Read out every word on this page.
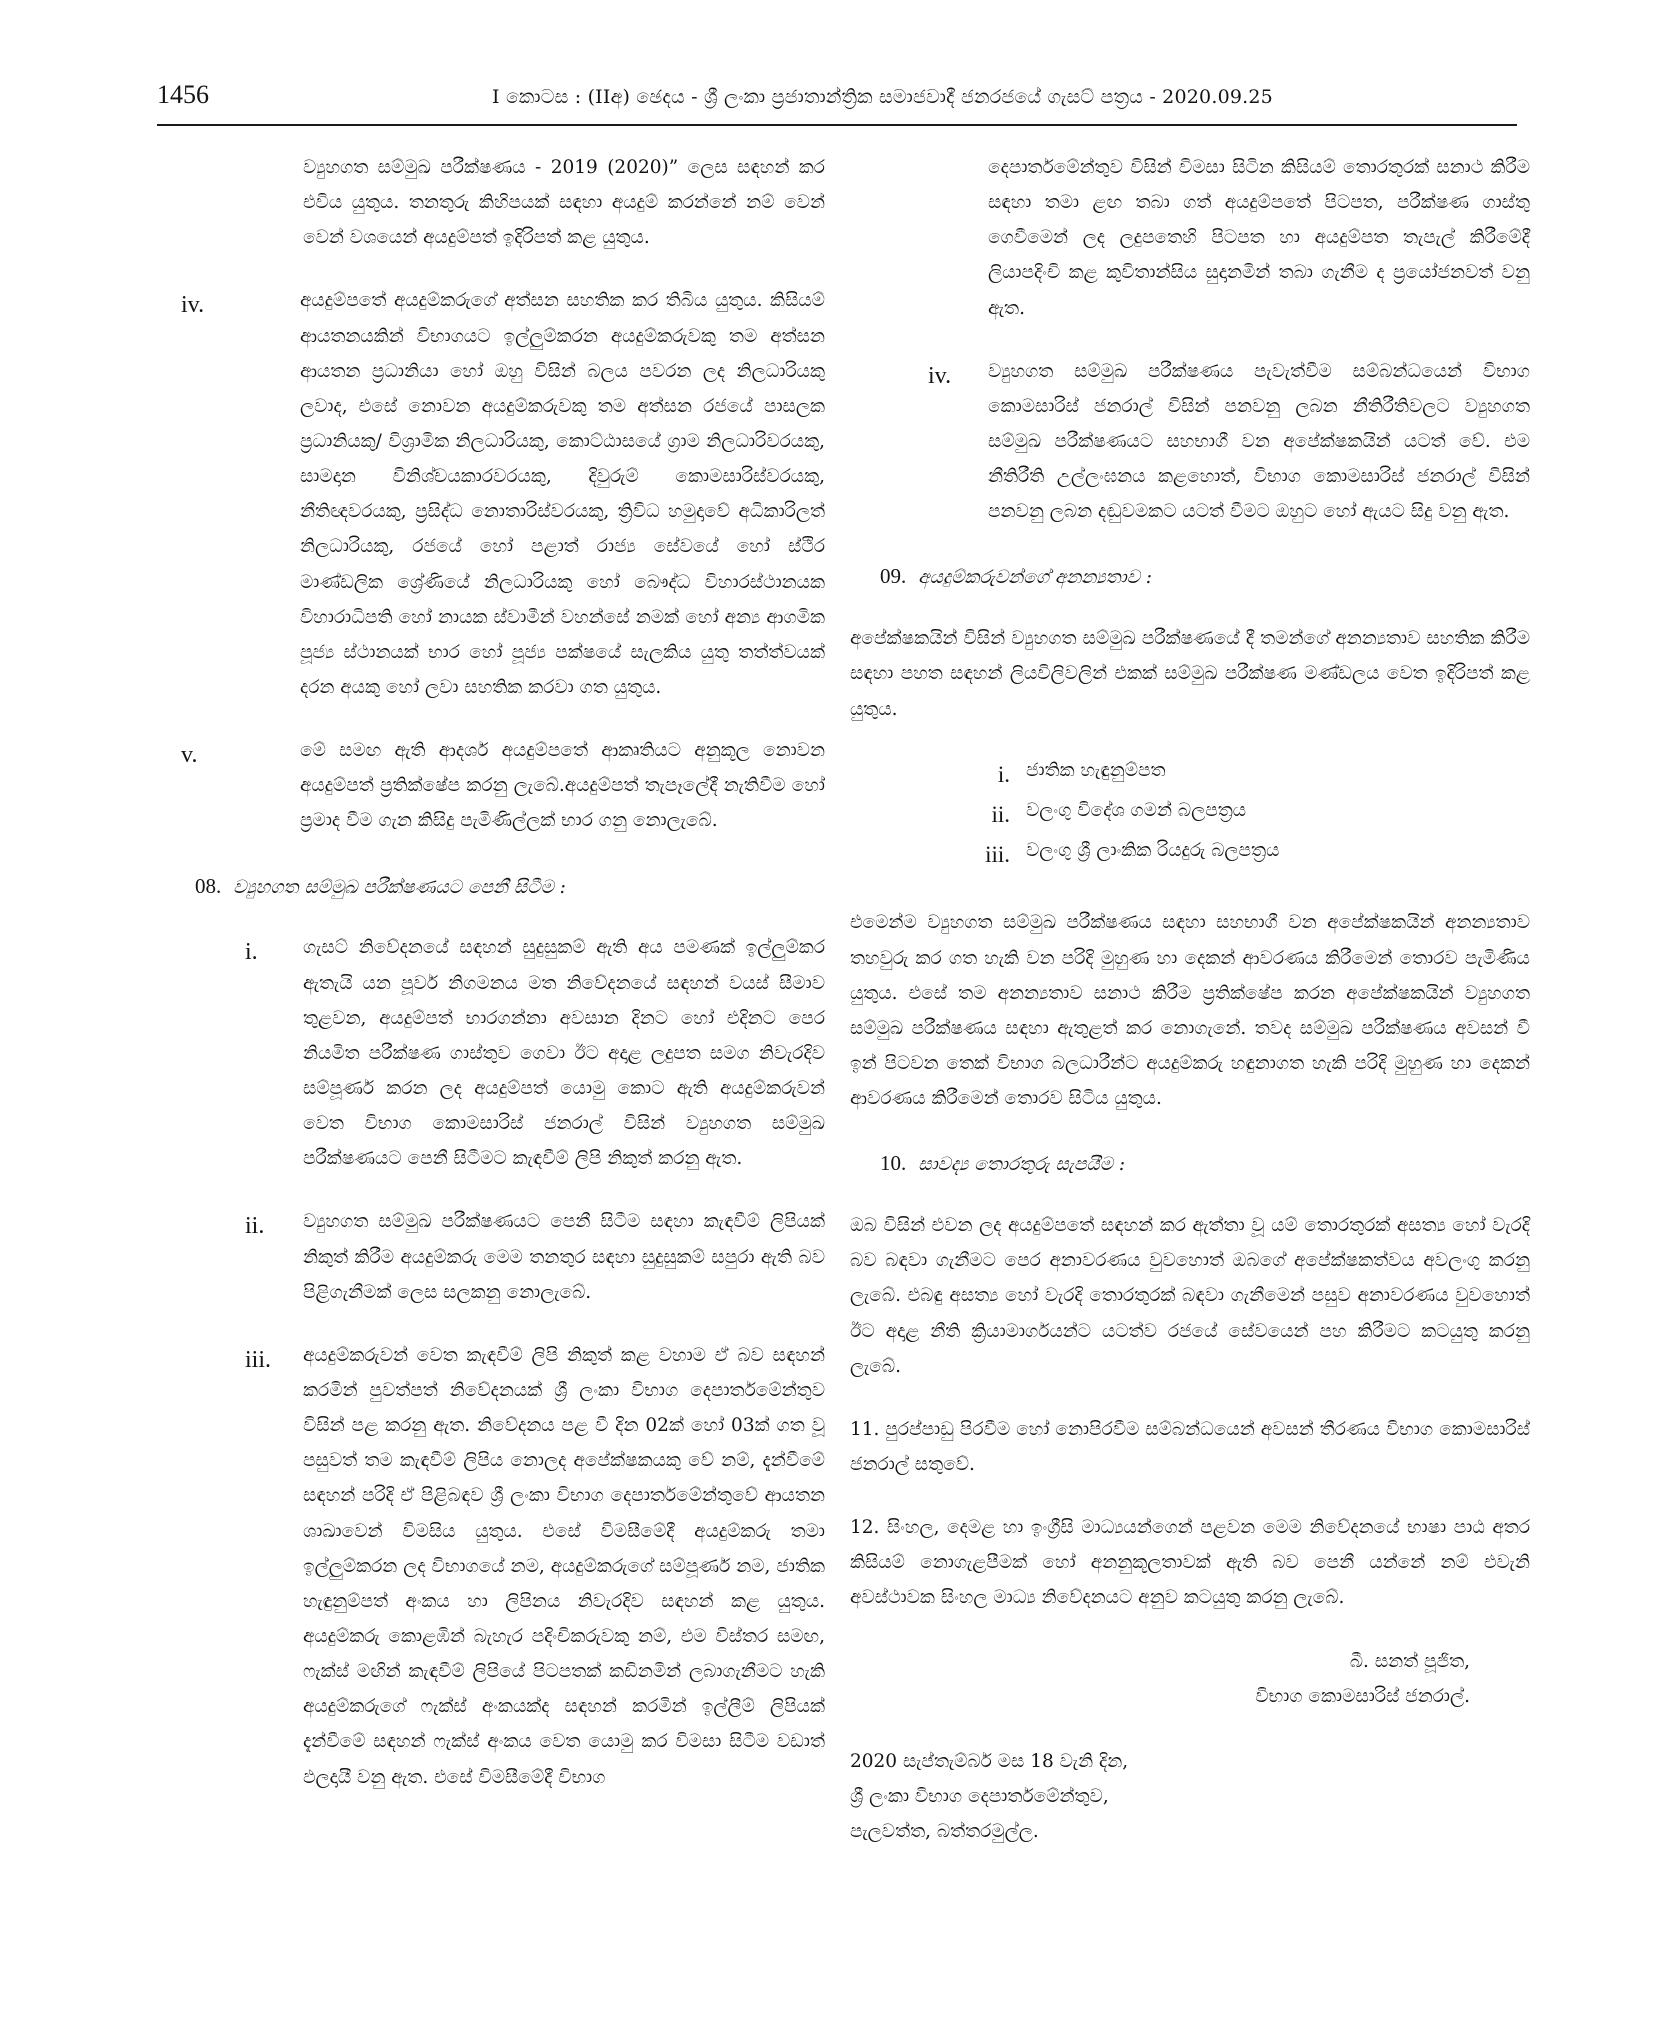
1456	I කොටස : (IIඅ) ඡෙදය - ශ්‍රී ලංකා ප්‍රජාතාන්ත්‍රික සමාජවාදී ජනරජයේ ගැසට් පත්‍රය - 2020.09.25

ව්‍යුහගත සම්මුඛ පරීක්ෂණය - 2019 (2020)” ලෙස සඳහන් කර එවිය යුතුය. තනතුරු කිහිපයක් සඳහා අයදුම් කරන්නේ නම් වෙන් වෙන් වශයෙන් අයදුම්පත් ඉදිරිපත් කළ යුතුය.

iv.	අයදුම්පතේ අයදුම්කරුගේ අත්සන සහතික කර තිබිය යුතුය. කිසියම් ආයතනයකින් විභාගයට ඉල්ලුම්කරන අයදුම්කරුවකු තම අත්සන ආයතන ප්‍රධානියා හෝ ඔහු විසින් බලය පවරන ලද නිලධාරියකු ලවාද, එසේ නොවන අයදුම්කරුවකු තම අත්සන රජයේ පාසලක ප්‍රධානියකු/ විශ්‍රාමික නිලධාරියකු, කොට්ඨාසයේ ග්‍රාම නිලධාරිවරයකු, සාමදාන විනිශ්චයකාරවරයකු, දිවුරුම් කොමසාරිස්වරයකු, නීතිඥවරයකු, ප්‍රසිද්ධ නොතාරිස්වරයකු, ත්‍රිවිධ හමුදාවේ අධිකාරිලත් නිලධාරියකු, රජයේ හෝ පළාත් රාජ්‍ය සේවයේ හෝ ස්ථිර මාණ්ඩලික ශ්‍රේණියේ නිලධාරියකු හෝ බෞද්ධ විහාරස්ථානයක විහාරාධිපති හෝ නායක ස්වාමීන් වහන්සේ නමක් හෝ අන්‍ය ආගමික පූජ්‍ය ස්ථානයක් භාර හෝ පූජ්‍ය පක්ෂයේ සැලකිය යුතු තත්ත්වයක් දරන අයකු හෝ ලවා සහතික කරවා ගත යුතුය.
v.	මේ සමඟ ඇති ආදර්ශ අයදුම්පතේ ආකෘතියට අනුකූල නොවන අයදුම්පත් ප්‍රතික්ෂේප කරනු ලැබේ.අයදුම්පත් තැපෑලේදී නැතිවීම හෝ ප්‍රමාද වීම ගැන කිසිදු පැමිණිල්ලක් භාර ගනු නොලැබේ.
08. ව්‍යුහගත සම්මුඛ පරීක්ෂණයට පෙනී සිටීම :
i. ගැසට් නිවේදනයේ සඳහන් සුදුසුකම් ඇති අය පමණක් ඉල්ලුම්කර ඇතැයි යන පූර්ව නිගමනය මත නිවේදනයේ සඳහන් වයස් සීමාව තුළවන, අයදුම්පත් භාරගන්නා අවසාන දිනට හෝ එදිනට පෙර නියමිත පරීක්ෂණ ගාස්තුව ගෙවා ඊට අදාළ ලදුපත සමග නිවැරදිව සම්පූර්ණ කරන ලද අයදුම්පත් යොමු කොට ඇති අයදුම්කරුවන් වෙත විභාග කොමසාරිස් ජනරාල් විසින් ව්‍යුහගත සම්මුඛ පරීක්ෂණයට පෙනී සිටීමට කැඳවීම් ලිපි නිකුත් කරනු ඇත.
ii. ව්‍යුහගත සම්මුඛ පරීක්ෂණයට පෙනී සිටීම සඳහා කැඳවීම් ලිපියක් නිකුත් කිරීම අයදුම්කරු මෙම තනතුර සඳහා සුදුසුකම් සපුරා ඇති බව පිළිගැනීමක් ලෙස සලකනු නොලැබේ.
iii. අයදුම්කරුවන් වෙත කැඳවීම් ලිපි නිකුත් කළ වහාම ඒ බව සඳහන් කරමින් පුවත්පත් නිවේදනයක් ශ්‍රී ලංකා විභාග දෙපාර්තමේන්තුව විසින් පළ කරනු ඇත. නිවේදනය පළ වී දින 02ක් හෝ 03ක් ගත වූ පසුවත් තම කැඳවීම් ලිපිය නොලද අපේක්ෂකයකු වේ නම්, දැන්වීමේ සඳහන් පරිදි ඒ පිළිබඳව ශ්‍රී ලංකා විභාග දෙපාර්තමේන්තුවේ ආයතන ශාඛාවෙන් විමසිය යුතුය. එසේ විමසීමේදී අයදුම්කරු තමා ඉල්ලුම්කරන ලද විභාගයේ නම, අයදුම්කරුගේ සම්පූර්ණ නම, ජාතික හැඳුනුම්පත් අංකය හා ලිපිනය නිවැරදිව සඳහන් කළ යුතුය. අයදුම්කරු කොළඹින් බැහැර පදිංචිකරුවකු නම්, එම විස්තර සමඟ, ෆැක්ස් මඟින් කැඳවීම් ලිපියේ පිටපතක් කඩිනමින් ලබාගැනීමට හැකි අයදුම්කරුගේ ෆැක්ස් අංකයක්ද සඳහන් කරමින් ඉල්ලීම් ලිපියක් දැන්වීමේ සඳහන් ෆැක්ස් අංකය වෙත යොමු කර විමසා සිටීම වඩාත් ඵලදායී වනු ඇත. එසේ විමසීමේදී විභාග

දෙපාර්තමේන්තුව විසින් විමසා සිටින කිසියම් තොරතුරක් සනාථ කිරීම සඳහා තමා ළඟ තබා ගත් අයදුම්පතේ පිටපත, පරීක්ෂණ ගාස්තු ගෙවීමෙන් ලද ලදුපතෙහි පිටපත හා අයදුම්පත තැපැල් කිරීමේදී ලියාපදිංචි කළ කුවිතාන්සිය සුදානමින් තබා ගැනීම ද ප්‍රයෝජනවත් වනු ඇත.

iv. ව්‍යුහගත සම්මුඛ පරීක්ෂණය පැවැත්වීම සම්බන්ධයෙන් විභාග කොමසාරිස් ජනරාල් විසින් පනවනු ලබන නීතිරීතිවලට ව්‍යුහගත සම්මුඛ පරීක්ෂණයට සහභාගී වන අපේක්ෂකයින් යටත් වේ. එම නීතිරීති උල්ලංඝනය කළහොත්, විභාග කොමසාරිස් ජනරාල් විසින් පනවනු ලබන දඬුවමකට යටත් වීමට ඔහුට හෝ ඇයට සිදු වනු ඇත.
09. අයදුම්කරුවන්ගේ අනන්‍යතාව :

අපේක්ෂකයින් විසින් ව්‍යුහගත සම්මුඛ පරීක්ෂණයේ දී තමන්ගේ අනන්‍යතාව සහතික කිරීම සඳහා පහත සඳහන් ලියවිලිවලින් එකක් සම්මුඛ පරීක්ෂණ මණ්ඩලය වෙත ඉදිරිපත් කළ යුතුය.

i. ජාතික හැඳුනුම්පත
ii. වලංගු විදේශ ගමන් බලපත්‍රය
iii. වලංගු ශ්‍රී ලාංකික රියදුරු බලපත්‍රය

එමෙන්ම ව්‍යුහගත සම්මුඛ පරීක්ෂණය සඳහා සහභාගී වන අපේක්ෂකයින් අනන්‍යතාව තහවුරු කර ගත හැකි වන පරිදි මුහුණ හා දෙකන් ආවරණය කිරීමෙන් තොරව පැමිණිය යුතුය. එසේ තම අනන්‍යතාව සනාථ කිරීම ප්‍රතික්ෂේප කරන අපේක්ෂකයින් ව්‍යුහගත සම්මුඛ පරීක්ෂණය සඳහා ඇතුළත් කර නොගැනේ. තවද සම්මුඛ පරීක්ෂණය අවසන් වී ඉන් පිටවන තෙක් විභාග බලධාරීන්ට අයදුම්කරු හඳුනාගත හැකි පරිදි මුහුණ හා දෙකන් ආවරණය කිරීමෙන් තොරව සිටිය යුතුය.

10. සාවද්‍ය තොරතුරු සැපයීම :

ඔබ විසින් එවන ලද අයදුම්පතේ සඳහන් කර ඇත්තා වූ යම් තොරතුරක් අසත්‍ය හෝ වැරදි බව බඳවා ගැනීමට පෙර අනාවරණය වුවහොත් ඔබගේ අපේක්ෂකත්වය අවලංගු කරනු ලැබේ. එබඳු අසත්‍ය හෝ වැරදි තොරතුරක් බඳවා ගැනීමෙන් පසුව අනාවරණය වුවහොත් ඊට අදාළ නීති ක්‍රියාමාර්ගයන්ට යටත්ව රජයේ සේවයෙන් පහ කිරීමට කටයුතු කරනු ලැබේ.

11. පුරප්පාඩු පිරවීම හෝ නොපිරවීම සම්බන්ධයෙන් අවසන් තීරණය විභාග කොමසාරිස් ජනරාල් සතුවේ.

12. සිංහල, දෙමළ හා ඉංග්‍රීසි මාධ්‍යයන්ගෙන් පළවන මෙම නිවේදනයේ භාෂා පාඨ අතර කිසියම් නොගැළපීමක් හෝ අනනුකූලතාවක් ඇති බව පෙනී යන්නේ නම් එවැනි අවස්ථාවක සිංහල මාධ්‍ය නිවේදනයට අනුව කටයුතු කරනු ලැබේ.

බී. සනත් පූජිත,
විභාග කොමසාරිස් ජනරාල්.
2020 සැප්තැම්බර් මස 18 වැනි දින,
ශ්‍රී ලංකා විභාග දෙපාර්තමේන්තුව,
පැලවත්ත, බත්තරමුල්ල.
